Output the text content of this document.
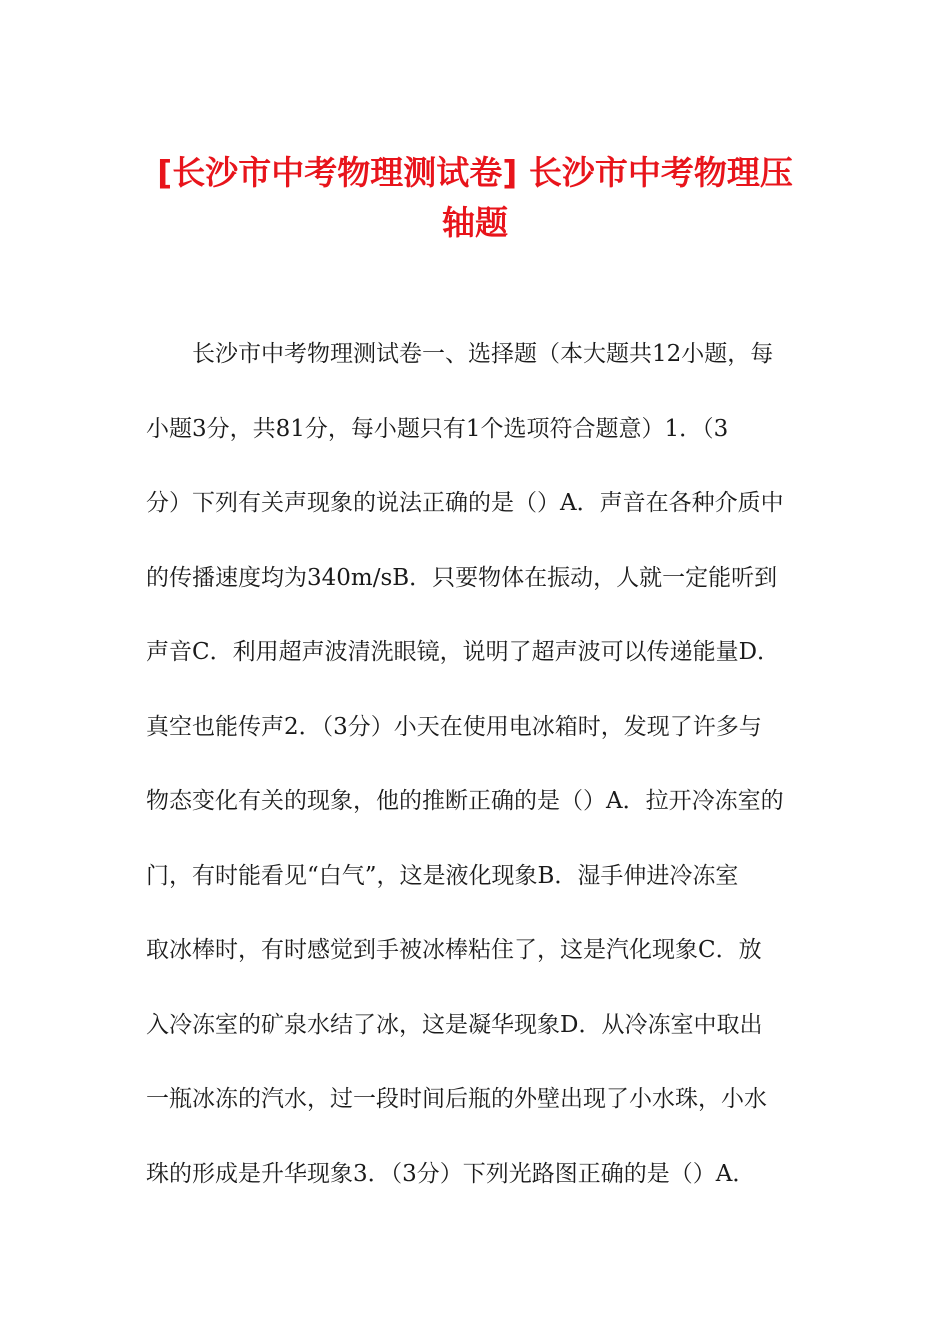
[长沙市中考物理测试卷] 长沙市中考物理压
轴题
长沙市中考物理测试卷一、选择题（本大题共12小题，每
小题3分，共81分，每小题只有1个选项符合题意）1．（3
分）下列有关声现象的说法正确的是（）A．声音在各种介质中
的传播速度均为340m/sB．只要物体在振动，人就一定能听到
声音C．利用超声波清洗眼镜，说明了超声波可以传递能量D．
真空也能传声2．（3分）小天在使用电冰箱时，发现了许多与
物态变化有关的现象，他的推断正确的是（）A．拉开冷冻室的
门，有时能看见“白气”，这是液化现象B．湿手伸进冷冻室
取冰棒时，有时感觉到手被冰棒粘住了，这是汽化现象C．放
入冷冻室的矿泉水结了冰，这是凝华现象D．从冷冻室中取出
一瓶冰冻的汽水，过一段时间后瓶的外壁出现了小水珠，小水
珠的形成是升华现象3．（3分）下列光路图正确的是（）A．
